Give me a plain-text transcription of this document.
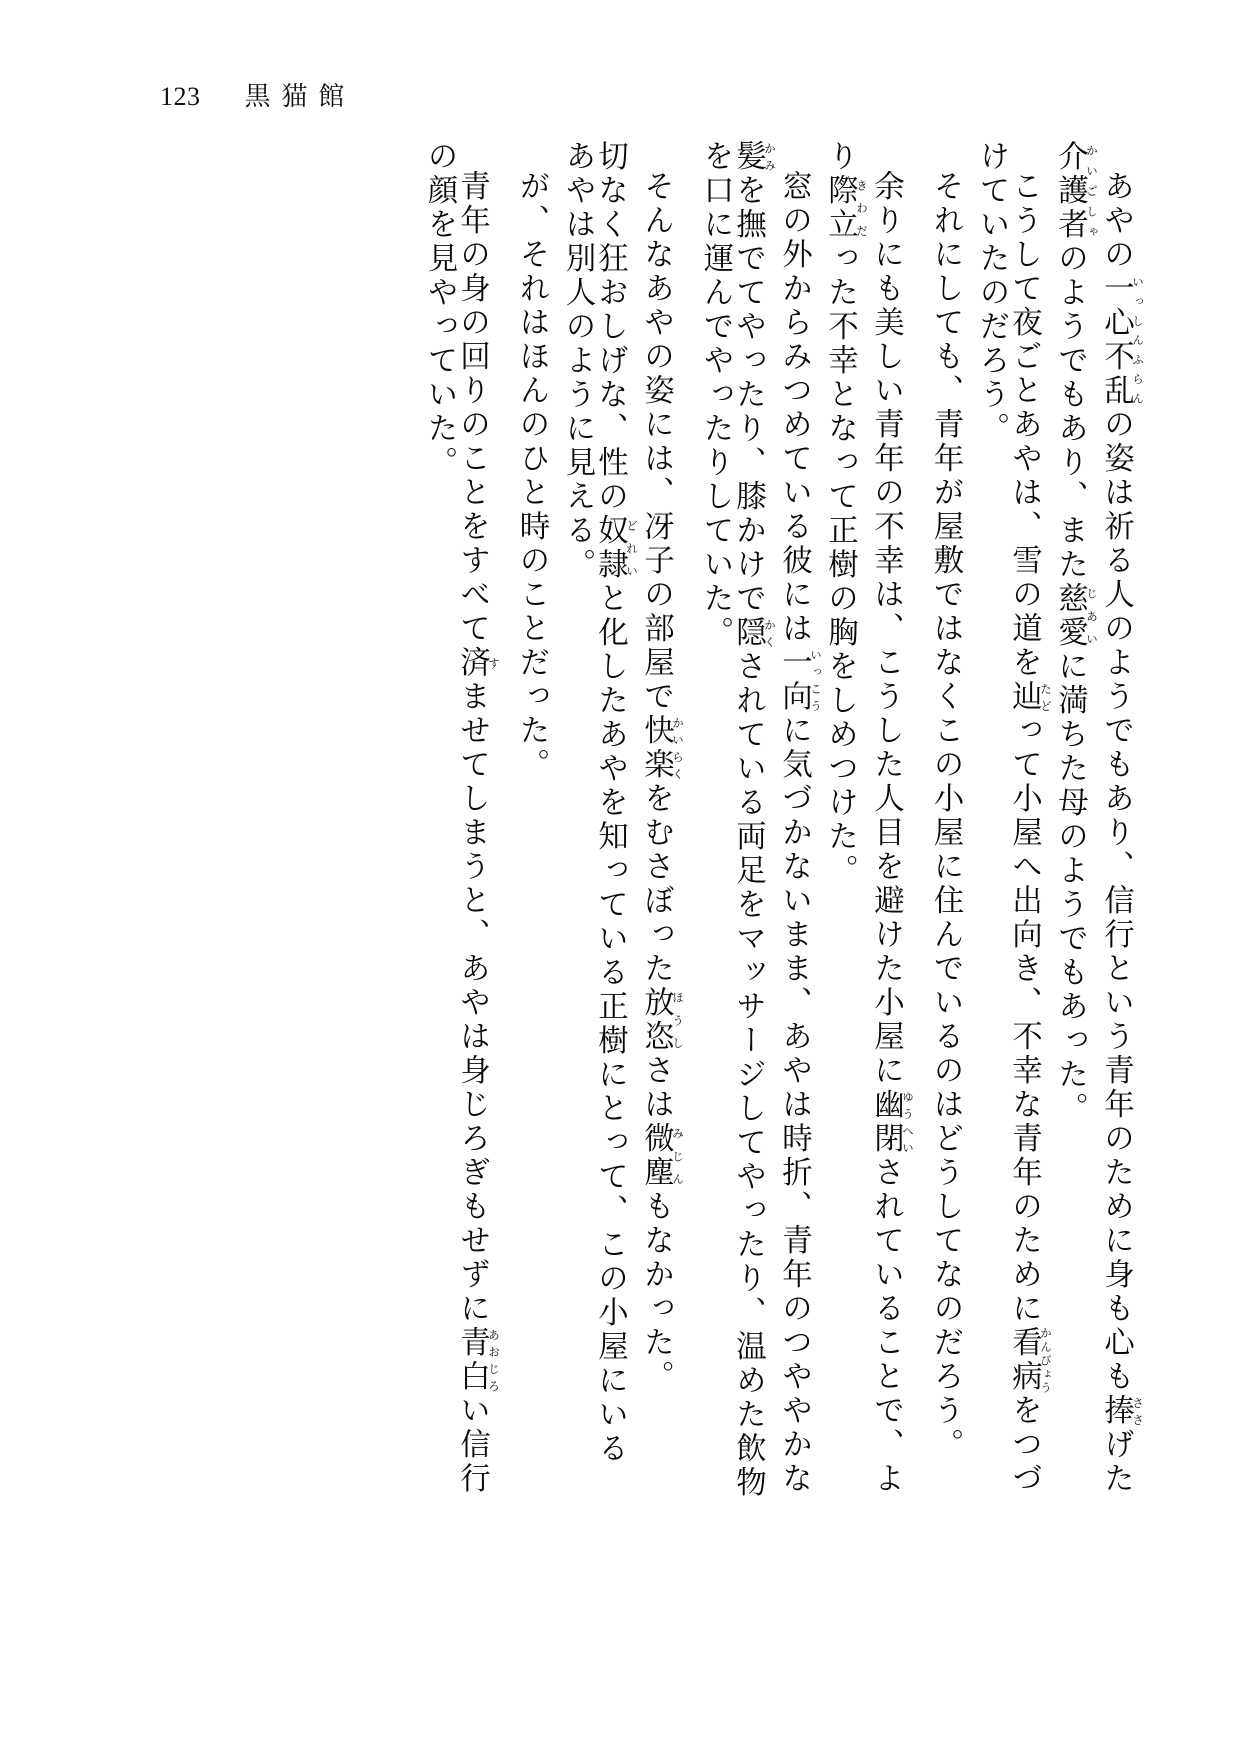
123 黒猫館
あやの一心不乱いっしんふらんの姿は祈る人のようでもあり、信行という青年のために身も心も捧ささげた
介護者かいごしゃのようでもあり、また慈愛じあいに満ちた母のようでもあった。
こうして夜ごとあやは、雪の道を辿たどって小屋へ出向き、不幸な青年のために看病かんびょうをつづ
けていたのだろう。
それにしても、青年が屋敷ではなくこの小屋に住んでいるのはどうしてなのだろう。
余りにも美しい青年の不幸は、こうした人目を避けた小屋に幽閉ゆうへいされていることで、よ
り際立きわだった不幸となって正樹の胸をしめつけた。
窓の外からみつめている彼には一向いっこうに気づかないまま、あやは時折、青年のつややかな
髪かみを撫でてやったり、膝かけで隠かくされている両足をマッサージしてやったり、温めた飲物
を口に運んでやったりしていた。
そんなあやの姿には、冴子の部屋で快楽かいらくをむさぼった放恣ほうしさは微塵みじんもなかった。
切なく狂おしげな、性の奴隷どれいと化したあやを知っている正樹にとって、この小屋にいる
あやは別人のように見える。
が、それはほんのひと時のことだった。
青年の身の回りのことをすべて済すませてしまうと、あやは身じろぎもせずに青白あおじろい信行
の顔を見やっていた。
